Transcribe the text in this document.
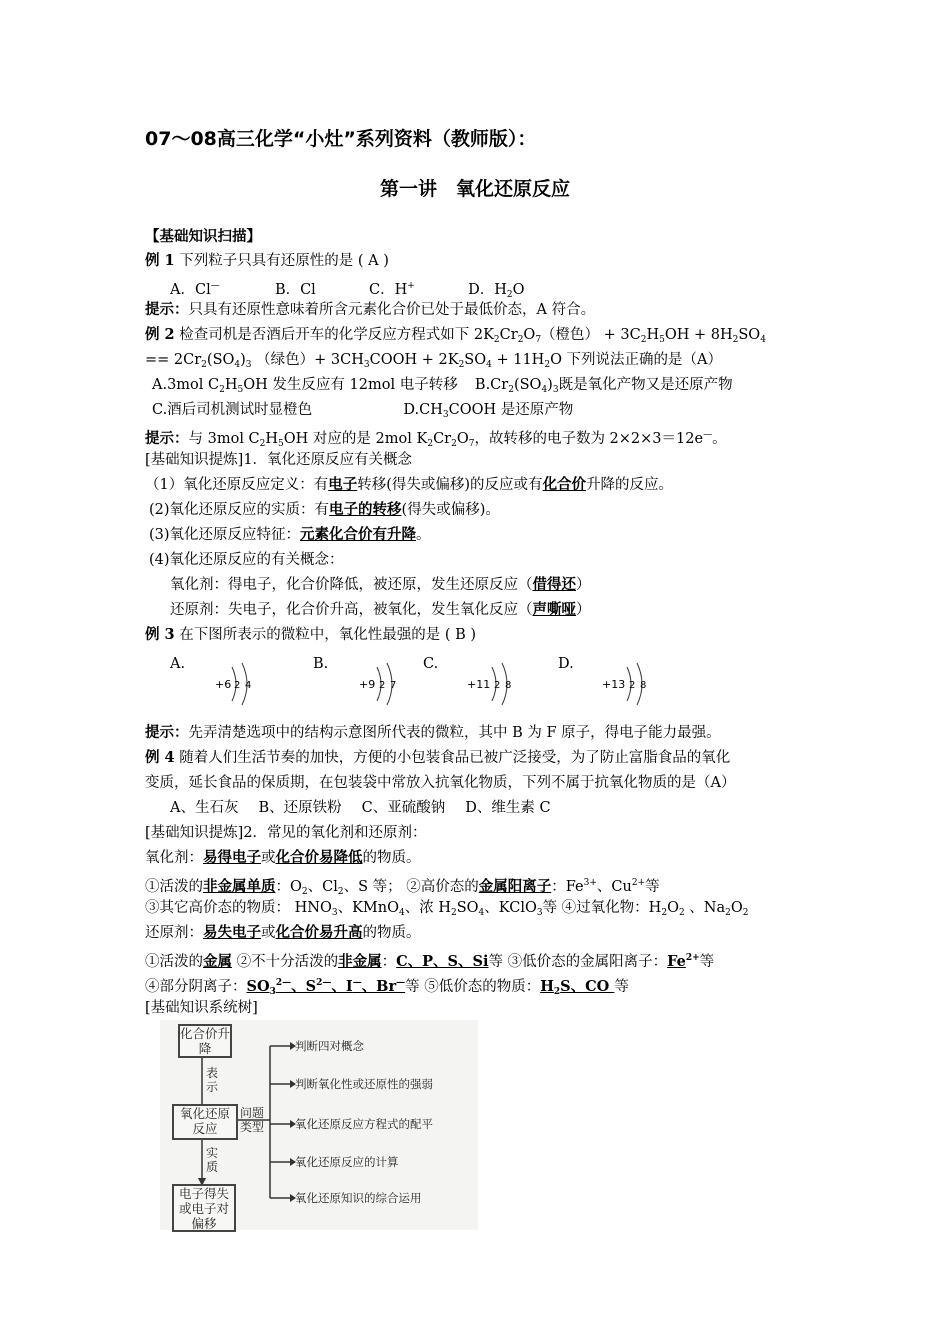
07～08高三化学“小灶”系列资料（教师版）：
第一讲　氧化还原反应
【基础知识扫描】
例 1 下列粒子只具有还原性的是 ( A )
A．Cl—	B．Cl	C．H+	D．$H_2O$
提示：只具有还原性意味着所含元素化合价已处于最低价态，A 符合。
例 2 检查司机是否酒后开车的化学反应方程式如下 $2K_2Cr_2O_7$（橙色） + $3C_2H_5OH + 8H_2SO_4$
== $2Cr_2(SO_4)_3$ （绿色）+ $3CH_3COOH + 2K_2SO_4 + 11H_2O$ 下列说法正确的是（A）
A.3mol $C_2H_5OH$ 发生反应有 12mol 电子转移 $B.Cr_2(SO_4)_3$既是氧化产物又是还原产物
C.酒后司机测试时显橙色	$D.CH_3COOH$ 是还原产物
提示：与 3mol $C_2H_5OH$ 对应的是 2mol $K_2Cr_2O_7$，故转移的电子数为 2×2×3＝12e—。
[基础知识提炼]1．氧化还原反应有关概念
（1）氧化还原反应定义：有电子转移(得失或偏移)的反应或有化合价升降的反应。
(2)氧化还原反应的实质：有电子的转移(得失或偏移)。
(3)氧化还原反应特征：元素化合价有升降。
(4)氧化还原反应的有关概念：
氧化剂：得电子，化合价降低，被还原，发生还原反应（借得还）
还原剂：失电子，化合价升高，被氧化，发生氧化反应（声嘶哑）
例 3 在下图所表示的微粒中，氧化性最强的是 ( B )
A.	B.	C.	D.
+6 2 4	+9 2 7	+11 2 8	+13 2 8
提示：先弄清楚选项中的结构示意图所代表的微粒，其中 B 为 F 原子，得电子能力最强。
例 4 随着人们生活节奏的加快，方便的小包装食品已被广泛接受，为了防止富脂食品的氧化
变质，延长食品的保质期，在包装袋中常放入抗氧化物质，下列不属于抗氧化物质的是（A）
A、生石灰 B、还原铁粉 C、亚硫酸钠 D、维生素 C
[基础知识提炼]2．常见的氧化剂和还原剂：
氧化剂：易得电子或化合价易降低的物质。
①活泼的非金属单质：$O_2$、$Cl_2$、S 等； ②高价态的金属阳离子：$Fe^{3+}$、$Cu^{2+}$等
③其它高价态的物质： $HNO_3$、KMnO$_4$、浓 $H_2SO_4$、KClO$_3$等 ④过氧化物：$H_2O_2$ 、$Na_2O_2$
还原剂：易失电子或化合价易升高的物质。
①活泼的金属 ②不十分活泼的非金属：C、P、S、Si等 ③低价态的金属阳离子：$Fe^{2+}$等
④部分阴离子：$SO_3^{2—}$、$S^{2—}$、I—、Br—等 ⑤低价态的物质：$H_2S$、CO 等
[基础知识系统树]
化合价升　降
氧化还原反应
电子得失或电子对偏移
表示
问题类型
实质
判断四对概念
判断氧化性或还原性的强弱
氧化还原反应方程式的配平
氧化还原反应的计算
氧化还原知识的综合运用
